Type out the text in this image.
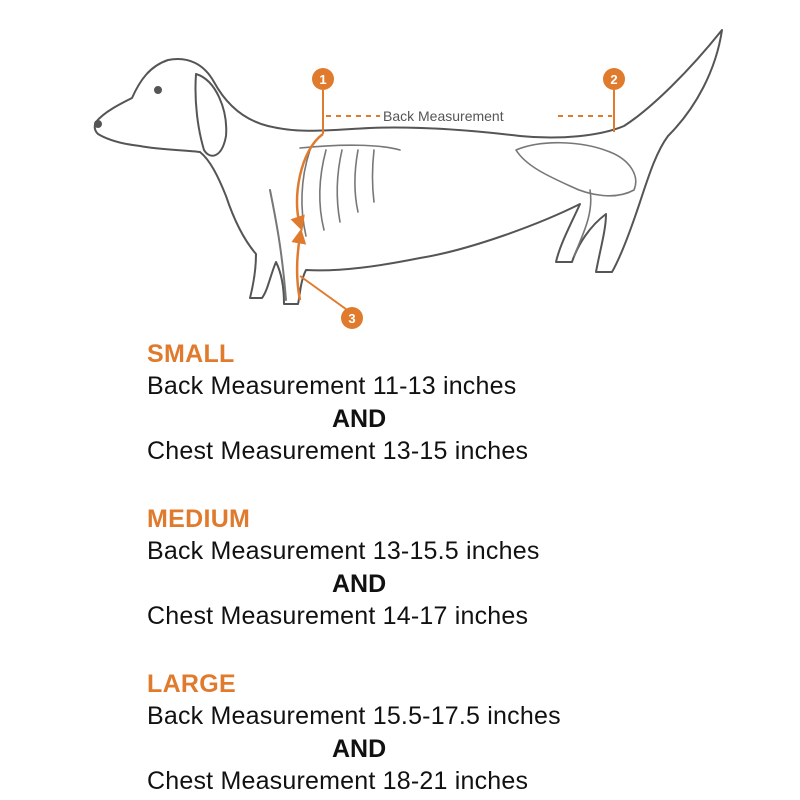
Back Measurement
1	2
3
SMALL
Back Measurement 11-13 inches
AND
Chest Measurement 13-15 inches
MEDIUM
Back Measurement 13-15.5 inches
AND
Chest Measurement 14-17 inches
LARGE
Back Measurement 15.5-17.5 inches
AND
Chest Measurement 18-21 inches
